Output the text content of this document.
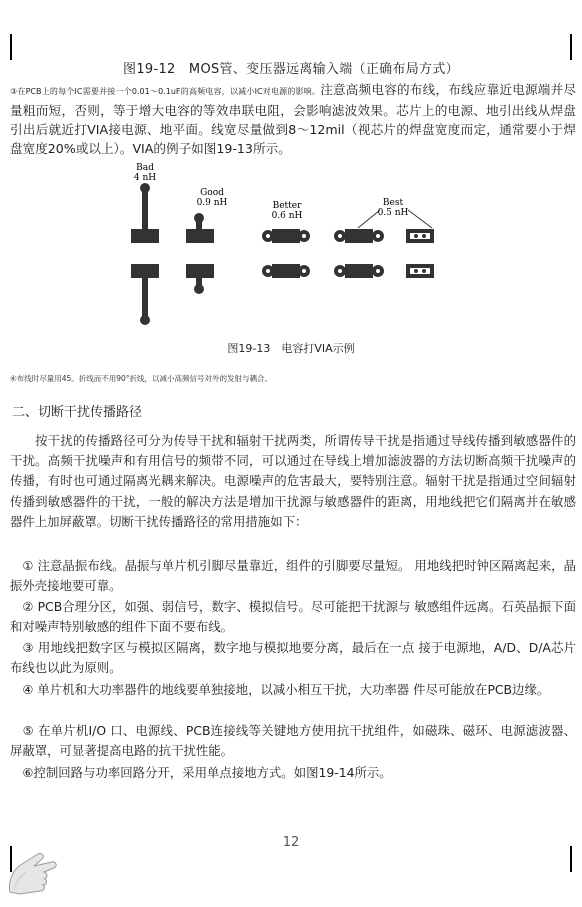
图19-12　MOS管、变压器远离输入端（正确布局方式）
③在PCB上的每个IC需要并接一个0.01～0.1uF的高频电容，以减小IC对电源的影响。注意高频电容的布线，布线应靠近电源端并尽量粗而短，否则，等于增大电容的等效串联电阻，会影响滤波效果。芯片上的电源、地引出线从焊盘引出后就近打VIA接电源、地平面。线宽尽量做到8～12mil（视芯片的焊盘宽度而定，通常要小于焊盘宽度20%或以上）。VIA的例子如图19-13所示。
Bad
4 nH
Good
0.9 nH	Better
0.6 nH
Best
0.5 nH
图19-13　电容打VIA示例
④布线时尽量用45。折线而不用90°折线，以减小高频信号对外的发射与耦合。
二、切断干扰传播路径
　　按干扰的传播路径可分为传导干扰和辐射干扰两类，所谓传导干扰是指通过导线传播到敏感器件的干扰。高频干扰噪声和有用信号的频带不同，可以通过在导线上增加滤波器的方法切断高频干扰噪声的传播，有时也可通过隔离光耦来解决。电源噪声的危害最大，要特别注意。辐射干扰是指通过空间辐射传播到敏感器件的干扰，一般的解决方法是增加干扰源与敏感器件的距离，用地线把它们隔离并在敏感器件上加屏蔽罩。切断干扰传播路径的常用措施如下：
　① 注意晶振布线。晶振与单片机引脚尽量靠近，组件的引脚要尽量短。 用地线把时钟区隔离起来，晶振外壳接地要可靠。
　② PCB合理分区，如强、弱信号，数字、模拟信号。尽可能把干扰源与 敏感组件远离。石英晶振下面和对噪声特别敏感的组件下面不要布线。
　③ 用地线把数字区与模拟区隔离，数字地与模拟地要分离，最后在一点 接于电源地，A/D、D/A芯片布线也以此为原则。
　④ 单片机和大功率器件的地线要单独接地，以减小相互干扰，大功率器 件尽可能放在PCB边缘。
　⑤ 在单片机I/O 口、电源线、PCB连接线等关键地方使用抗干扰组件，如磁珠、磁环、电源滤波器、屏蔽罩，可显著提高电路的抗干扰性能。
　⑥控制回路与功率回路分开，采用单点接地方式。如图19-14所示。
12
